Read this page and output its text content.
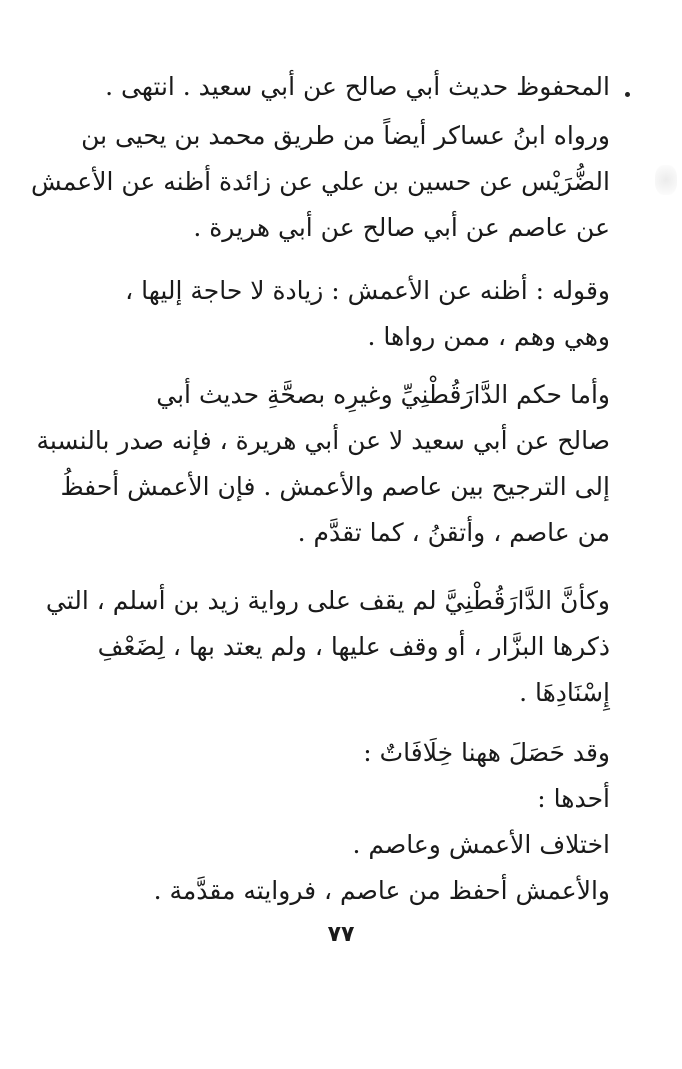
المحفوظ حديث أبي صالح عن أبي سعيد . انتهى .
ورواه ابنُ عساكر أيضاً من طريق محمد بن يحيى بن
الضُّرَيْس عن حسين بن علي عن زائدة أظنه عن الأعمش
عن عاصم عن أبي صالح عن أبي هريرة .
وقوله : أظنه عن الأعمش : زيادة لا حاجة إليها ،
وهي وهم ، ممن رواها .
وأما حكم الدَّارَقُطْنِيِّ وغيرِه بصحَّةِ حديث أبي
صالح عن أبي سعيد لا عن أبي هريرة ، فإنه صدر بالنسبة
إلى الترجيح بين عاصم والأعمش . فإن الأعمش أحفظُ
من عاصم ، وأتقنُ ، كما تقدَّم .
وكأنَّ الدَّارَقُطْنِيَّ لم يقف على رواية زيد بن أسلم ، التي
ذكرها البزَّار ، أو وقف عليها ، ولم يعتد بها ، لِضَعْفِ
إِسْنَادِهَا .
وقد حَصَلَ ههنا خِلَافَاتٌ :
أحدها :
اختلاف الأعمش وعاصم .
والأعمش أحفظ من عاصم ، فروايته مقدَّمة .
٧٧
